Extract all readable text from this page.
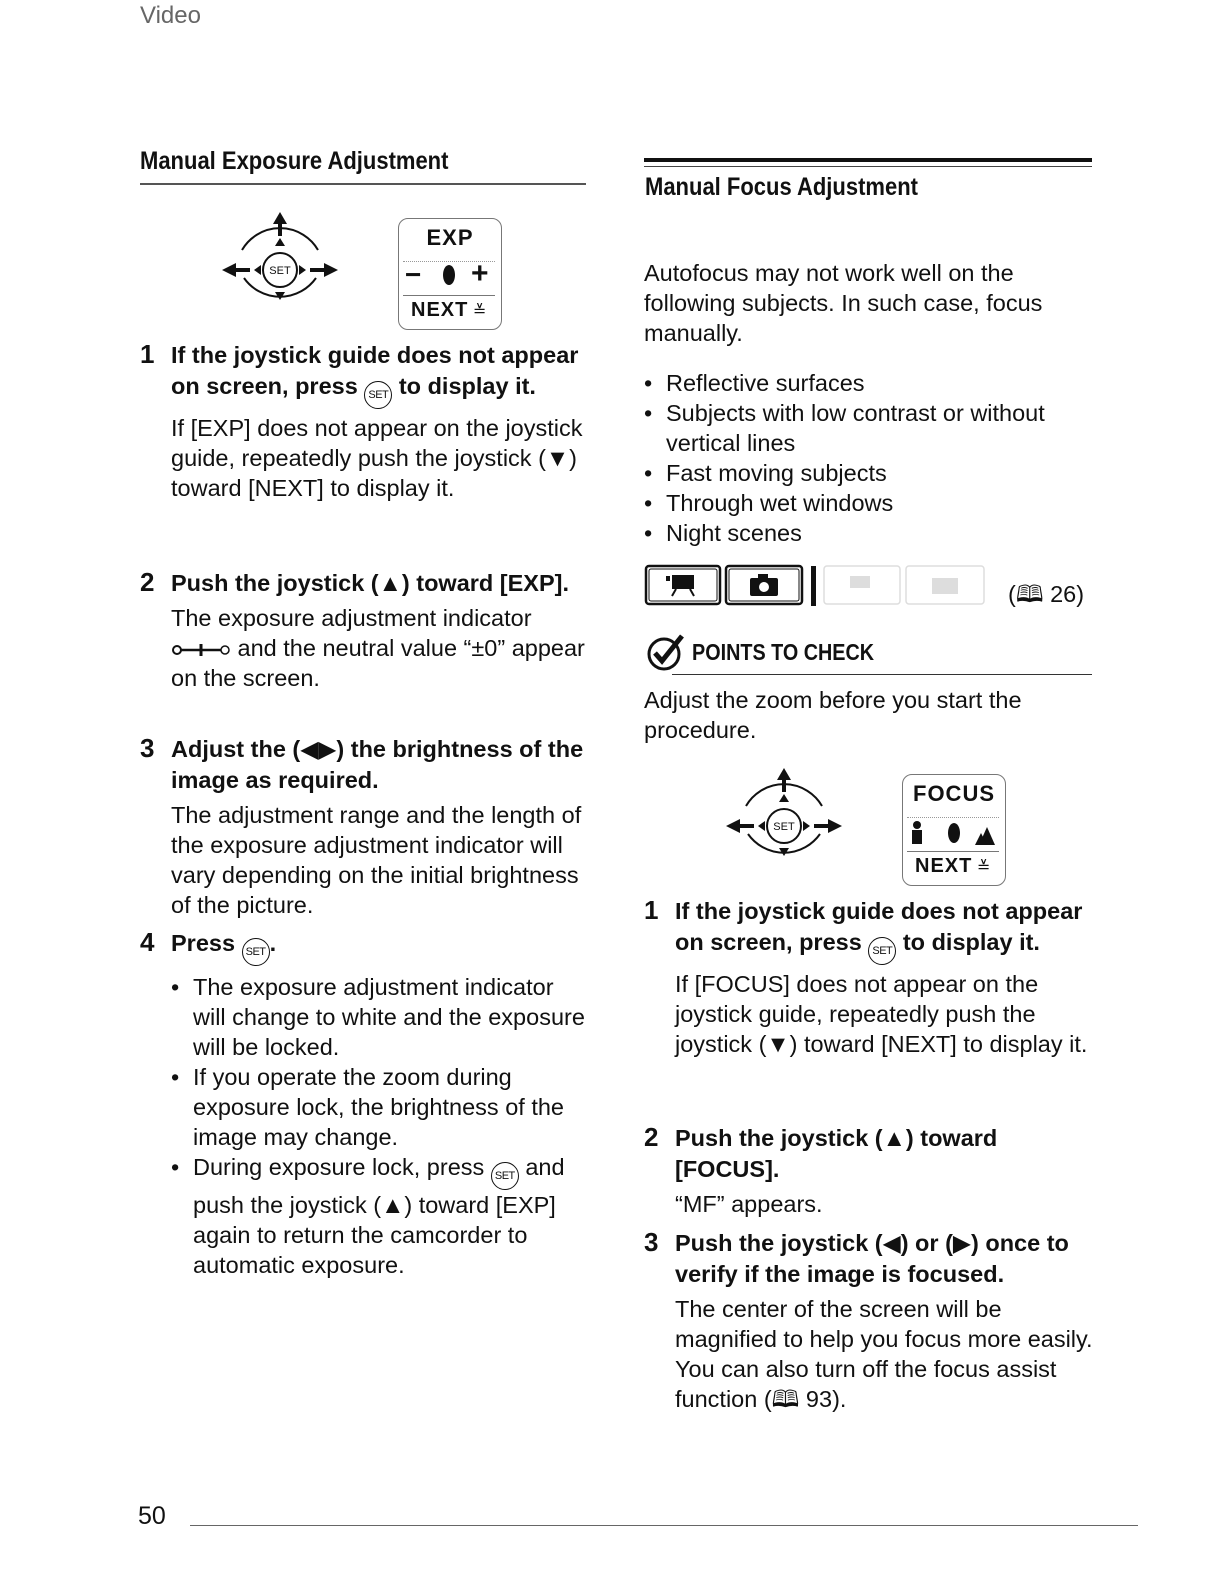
Video
Manual Exposure Adjustment
SET
EXP
− +
NEXT ≚
1 If the joystick guide does not appear on screen, press SET to display it.
If [EXP] does not appear on the joystick guide, repeatedly push the joystick (▼) toward [NEXT] to display it.
2 Push the joystick (▲) toward [EXP].
The exposure adjustment indicator  and the neutral value “±0” appear on the screen.
3 Adjust the (◀▶) the brightness of the image as required.
The adjustment range and the length of the exposure adjustment indicator will vary depending on the initial brightness of the picture.
4 Press SET .
• The exposure adjustment indicator will change to white and the exposure will be locked.
• If you operate the zoom during exposure lock, the brightness of the image may change.
• During exposure lock, press SET and push the joystick (▲) toward [EXP] again to return the camcorder to automatic exposure.
Manual Focus Adjustment
Autofocus may not work well on the following subjects. In such case, focus manually.
• Reflective surfaces
• Subjects with low contrast or without vertical lines
• Fast moving subjects
• Through wet windows
• Night scenes
(🕮 26)
POINTS TO CHECK
Adjust the zoom before you start the procedure.
SET
FOCUS
NEXT ≚
1 If the joystick guide does not appear on screen, press SET to display it.
If [FOCUS] does not appear on the joystick guide, repeatedly push the joystick (▼) toward [NEXT] to display it.
2 Push the joystick (▲) toward [FOCUS].
“MF” appears.
3 Push the joystick (◀) or (▶) once to verify if the image is focused.
The center of the screen will be magnified to help you focus more easily. You can also turn off the focus assist function (🕮 93).
50
